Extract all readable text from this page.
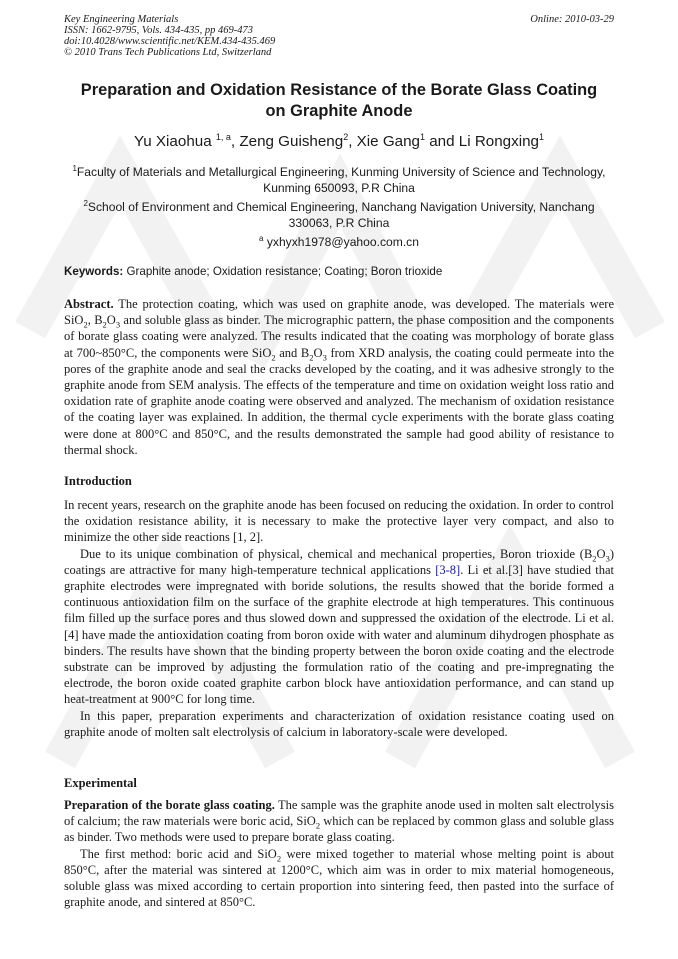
Key Engineering Materials
ISSN: 1662-9795, Vols. 434-435, pp 469-473
doi:10.4028/www.scientific.net/KEM.434-435.469
© 2010 Trans Tech Publications Ltd, Switzerland
Online: 2010-03-29
Preparation and Oxidation Resistance of the Borate Glass Coating
on Graphite Anode
Yu Xiaohua $^{1, a}$, Zeng Guisheng$^2$, Xie Gang$^1$ and Li Rongxing$^1$
$^1$Faculty of Materials and Metallurgical Engineering, Kunming University of Science and Technology,
Kunming 650093, P.R China
$^2$School of Environment and Chemical Engineering, Nanchang Navigation University, Nanchang
330063, P.R China
$^a$ yxhyxh1978@yahoo.com.cn
Keywords: Graphite anode; Oxidation resistance; Coating; Boron trioxide

Abstract. The protection coating, which was used on graphite anode, was developed. The materials were SiO$_2$, $B_2O_3$ and soluble glass as binder. The micrographic pattern, the phase composition and the components of borate glass coating were analyzed. The results indicated that the coating was morphology of borate glass at 700~850°C, the components were SiO$_2$ and $B_2O_3$ from XRD analysis, the coating could permeate into the pores of the graphite anode and seal the cracks developed by the coating, and it was adhesive strongly to the graphite anode from SEM analysis. The effects of the temperature and time on oxidation weight loss ratio and oxidation rate of graphite anode coating were observed and analyzed. The mechanism of oxidation resistance of the coating layer was explained. In addition, the thermal cycle experiments with the borate glass coating were done at 800°C and 850°C, and the results demonstrated the sample had good ability of resistance to thermal shock.

Introduction

In recent years, research on the graphite anode has been focused on reducing the oxidation. In order to control the oxidation resistance ability, it is necessary to make the protective layer very compact, and also to minimize the other side reactions [1, 2].

Due to its unique combination of physical, chemical and mechanical properties, Boron trioxide $(B_2O_3)$ coatings are attractive for many high-temperature technical applications [3-8]. Li et al.[3] have studied that graphite electrodes were impregnated with boride solutions, the results showed that the boride formed a continuous antioxidation film on the surface of the graphite electrode at high temperatures. This continuous film filled up the surface pores and thus slowed down and suppressed the oxidation of the electrode. Li et al. [4] have made the antioxidation coating from boron oxide with water and aluminum dihydrogen phosphate as binders. The results have shown that the binding property between the boron oxide coating and the electrode substrate can be improved by adjusting the formulation ratio of the coating and pre-impregnating the electrode, the boron oxide coated graphite carbon block have antioxidation performance, and can stand up heat-treatment at 900°C for long time.

In this paper, preparation experiments and characterization of oxidation resistance coating used on graphite anode of molten salt electrolysis of calcium in laboratory-scale were developed.

Experimental

Preparation of the borate glass coating. The sample was the graphite anode used in molten salt electrolysis of calcium; the raw materials were boric acid, SiO$_2$ which can be replaced by common glass and soluble glass as binder. Two methods were used to prepare borate glass coating.

The first method: boric acid and SiO$_2$ were mixed together to material whose melting point is about 850°C, after the material was sintered at 1200°C, which aim was in order to mix material homogeneous, soluble glass was mixed according to certain proportion into sintering feed, then pasted into the surface of graphite anode, and sintered at 850°C.
